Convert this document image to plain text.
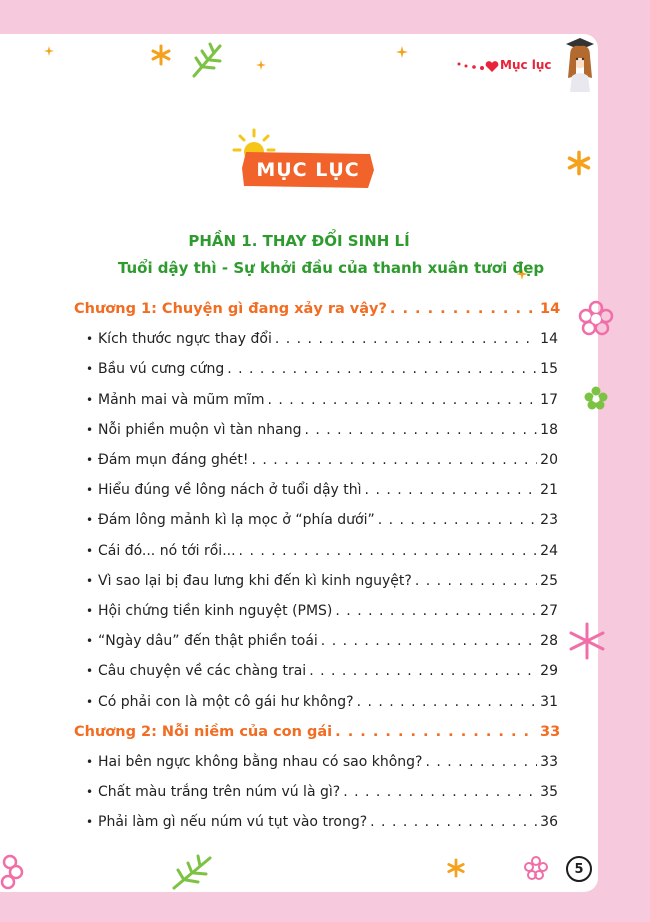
Mục lục
MỤC LỤC
PHẦN 1. THAY ĐỔI SINH LÍ
Tuổi dậy thì - Sự khởi đầu của thanh xuân tươi đẹp
Chương 1: Chuyện gì đang xảy ra vậy? . . .	14
• Kích thước ngực thay đổi . . .	14
• Bầu vú cưng cứng . . .	15
• Mảnh mai và mũm mĩm . . .	17
• Nỗi phiền muộn vì tàn nhang . . .	18
• Đám mụn đáng ghét! . . .	20
• Hiểu đúng về lông nách ở tuổi dậy thì . . .	21
• Đám lông mảnh kì lạ mọc ở “phía dưới” . . .	23
• Cái đó... nó tới rồi... . . .	24
• Vì sao lại bị đau lưng khi đến kì kinh nguyệt? . . .	25
• Hội chứng tiền kinh nguyệt (PMS) . . .	27
• “Ngày dâu” đến thật phiền toái . . .	28
• Câu chuyện về các chàng trai . . .	29
• Có phải con là một cô gái hư không? . . .	31
Chương 2: Nỗi niềm của con gái . . .	33
• Hai bên ngực không bằng nhau có sao không? . . .	33
• Chất màu trắng trên núm vú là gì? . . .	35
• Phải làm gì nếu núm vú tụt vào trong? . . .	36
5
